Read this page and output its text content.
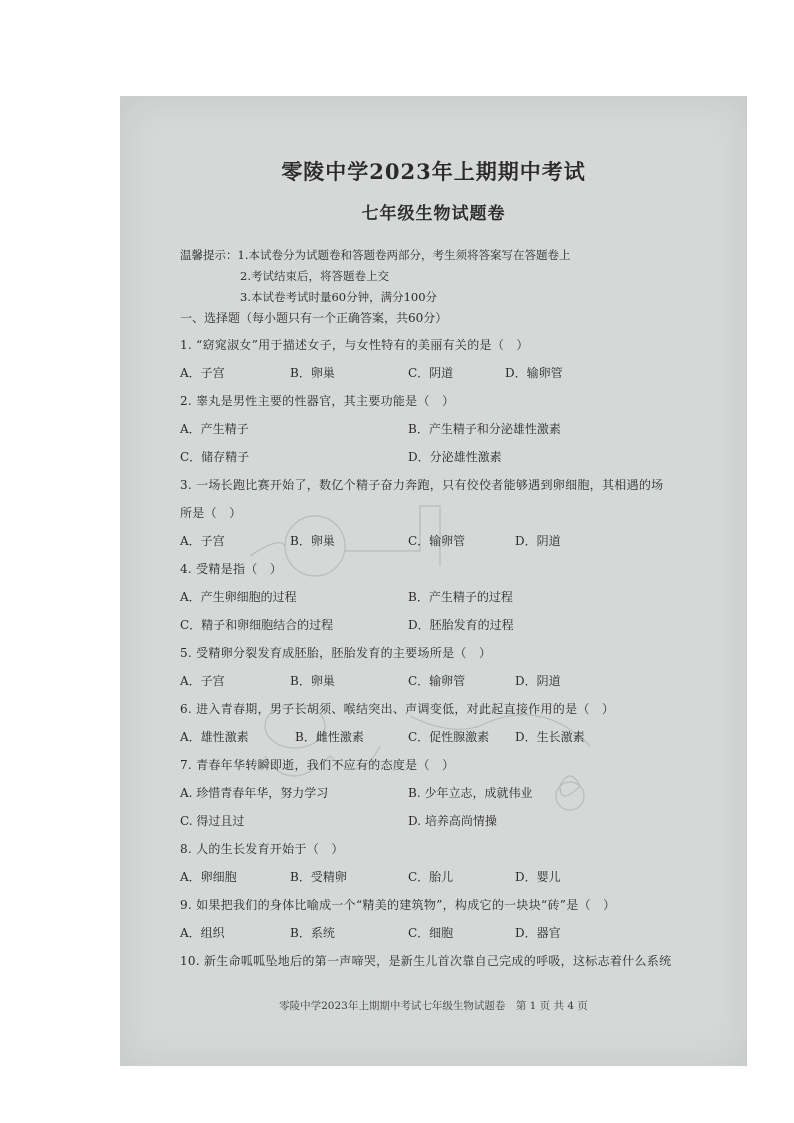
零陵中学2023年上期期中考试
七年级生物试题卷
温馨提示：1.本试卷分为试题卷和答题卷两部分，考生须将答案写在答题卷上
2.考试结束后，将答题卷上交
3.本试卷考试时量60分钟，满分100分
一、选择题（每小题只有一个正确答案，共60分）
1. “窈窕淑女”用于描述女子，与女性特有的美丽有关的是（　）
A．子宫	B．卵巢	C．阴道	D．输卵管
2. 睾丸是男性主要的性器官，其主要功能是（　）
A．产生精子	B．产生精子和分泌雄性激素
C．储存精子	D．分泌雄性激素
3. 一场长跑比赛开始了，数亿个精子奋力奔跑，只有佼佼者能够遇到卵细胞，其相遇的场
所是（　）
A．子宫	B．卵巢	C．输卵管	D．阴道
4. 受精是指（　）
A．产生卵细胞的过程	B．产生精子的过程
C．精子和卵细胞结合的过程	D．胚胎发育的过程
5. 受精卵分裂发育成胚胎，胚胎发育的主要场所是（　）
A．子宫	B．卵巢	C．输卵管	D．阴道
6. 进入青春期，男子长胡须、喉结突出、声调变低，对此起直接作用的是（　）
A．雄性激素	B．雌性激素	C．促性腺激素 D．生长激素
7. 青春年华转瞬即逝，我们不应有的态度是（　）
A. 珍惜青春年华，努力学习	B. 少年立志，成就伟业
C. 得过且过	D. 培养高尚情操
8. 人的生长发育开始于（　）
A．卵细胞	B．受精卵	C．胎儿	D．婴儿
9. 如果把我们的身体比喻成一个“精美的建筑物”，构成它的一块块“砖”是（　）
A．组织	B．系统	C．细胞	D．器官
10. 新生命呱呱坠地后的第一声啼哭，是新生儿首次靠自己完成的呼吸，这标志着什么系统
零陵中学2023年上期期中考试七年级生物试题卷　第 1 页 共 4 页
